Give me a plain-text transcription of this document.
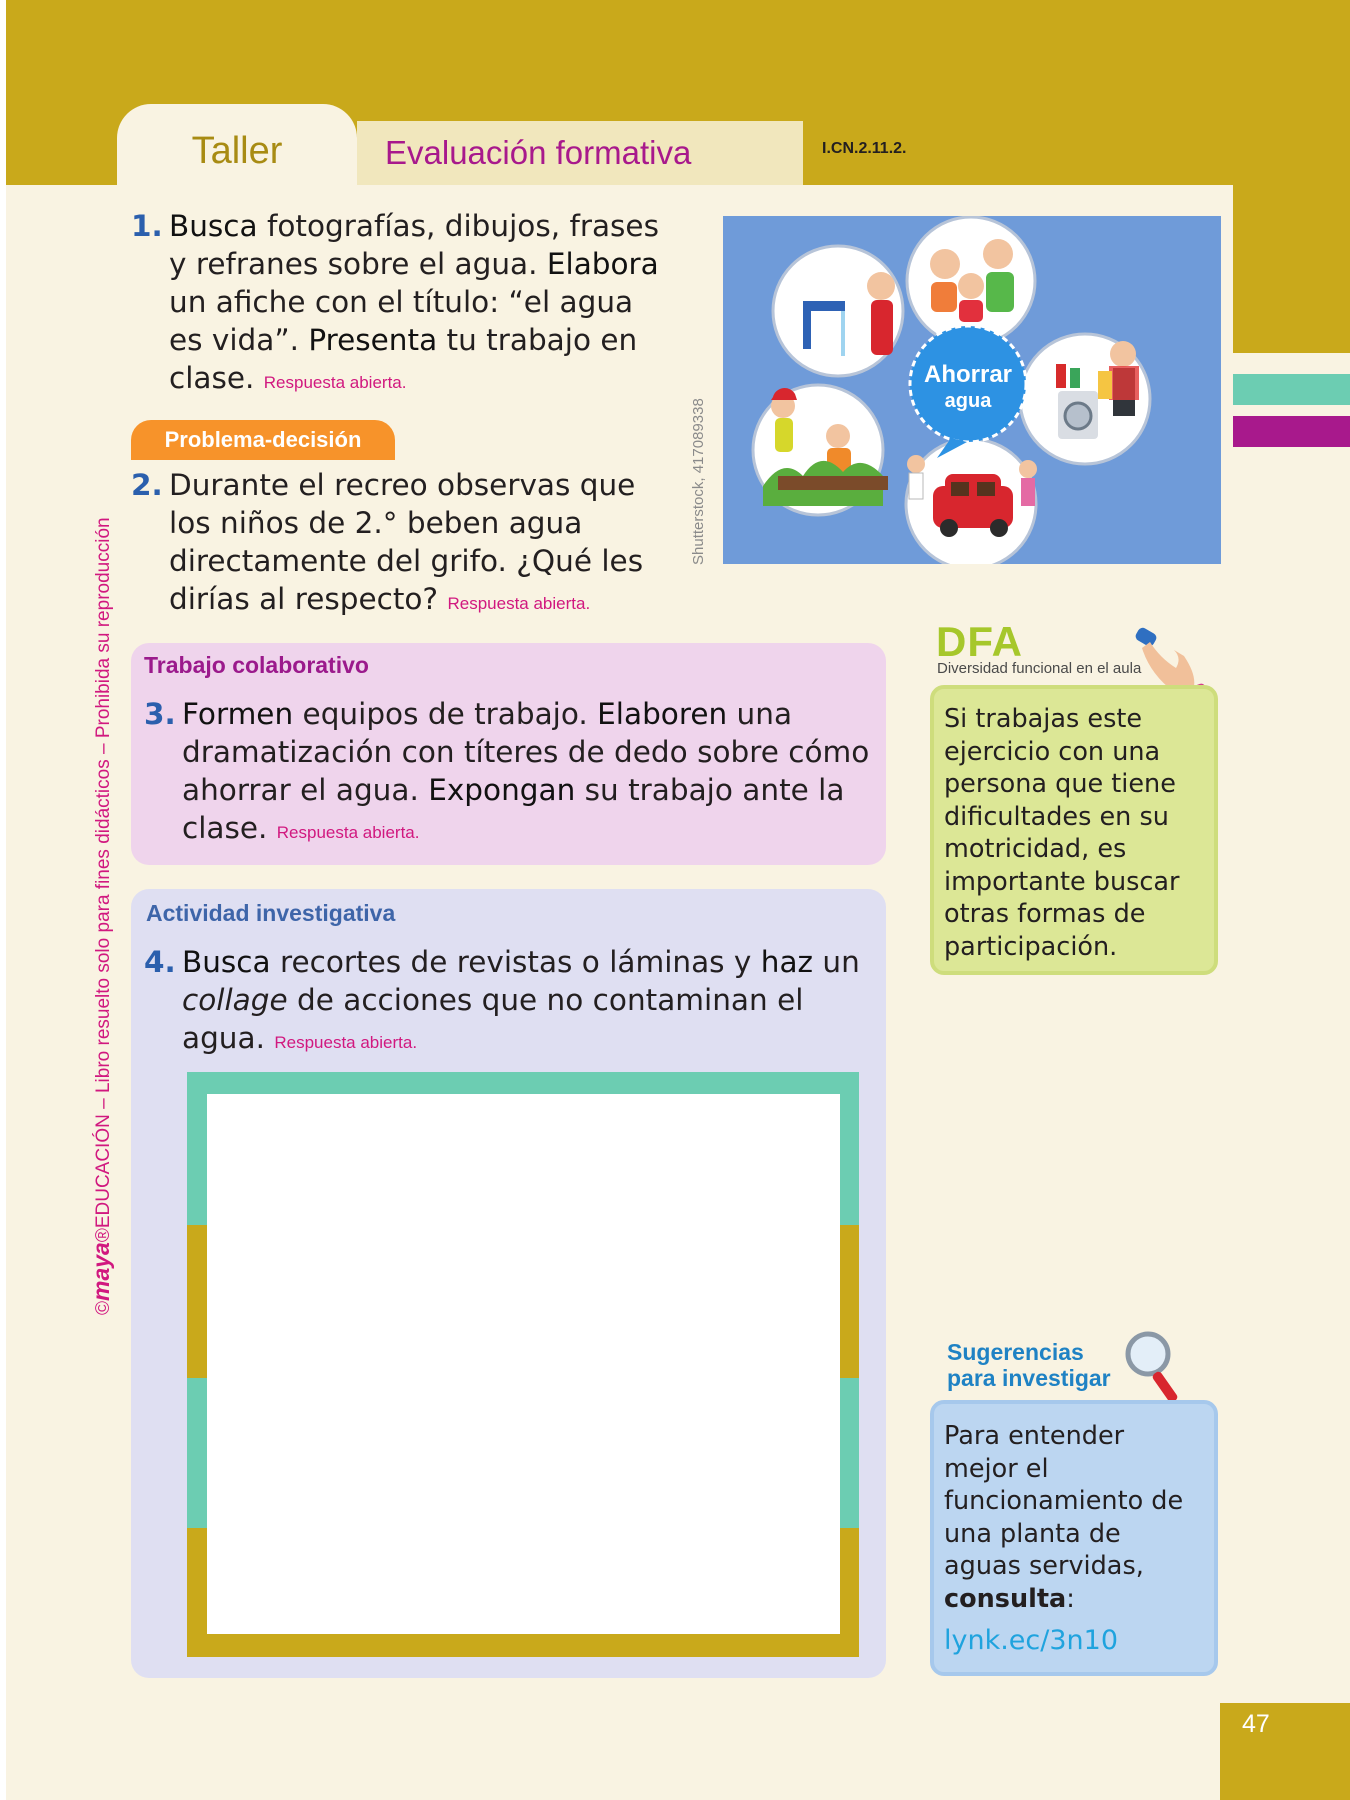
Taller	Evaluación formativa	I.CN.2.11.2.
1. Busca fotografías, dibujos, frases y refranes sobre el agua. Elabora un afiche con el título: “el agua es vida”. Presenta tu trabajo en clase. Respuesta abierta.	Ahorrar
agua
Shutterstock, 417089338
Problema-decisión
2. Durante el recreo observas que los niños de 2.° beben agua directamente del grifo. ¿Qué les dirías al respecto? Respuesta abierta.
Trabajo colaborativo
3. Formen equipos de trabajo. Elaboren una dramatización con títeres de dedo sobre cómo ahorrar el agua. Expongan su trabajo ante la clase. Respuesta abierta.
Actividad investigativa
4. Busca recortes de revistas o láminas y haz un collage de acciones que no contaminan el agua. Respuesta abierta.
©maya®EDUCACIÓN – Libro resuelto solo para fines didácticos – Prohibida su reproducción	DFA
Diversidad funcional en el aula
Si trabajas este ejercicio con una persona que tiene dificultades en su motricidad, es importante buscar otras formas de participación.
Sugerencias
para investigar
Para entender mejor el funcionamiento de una planta de aguas servidas, consulta:
lynk.ec/3n10
47
